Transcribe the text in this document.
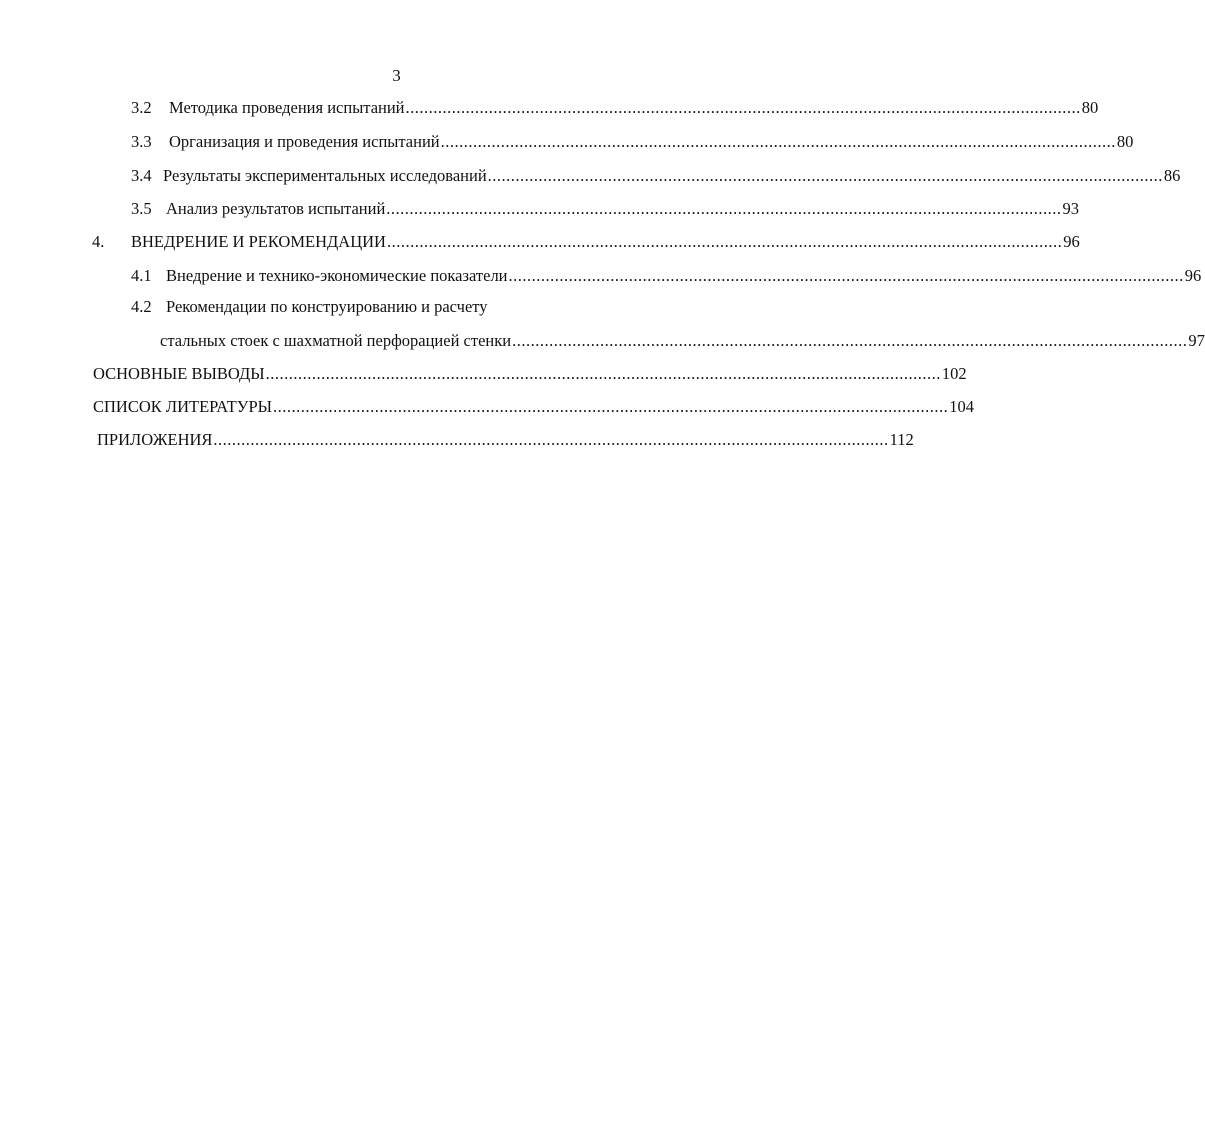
3
3.2 Методика проведения испытаний .................................................................................................................................................. 80
3.3 Организация и проведения испытаний .................................................................................................................................................. 80
3.4 Результаты экспериментальных исследований .................................................................................................................................................. 86
3.5 Анализ результатов испытаний .................................................................................................................................................. 93
4. ВНЕДРЕНИЕ И РЕКОМЕНДАЦИИ .................................................................................................................................................. 96
4.1 Внедрение и технико-экономические показатели .................................................................................................................................................. 96
4.2 Рекомендации по конструированию и расчету
стальных стоек с шахматной перфорацией стенки .................................................................................................................................................. 97
ОСНОВНЫЕ ВЫВОДЫ .................................................................................................................................................. 102
СПИСОК ЛИТЕРАТУРЫ .................................................................................................................................................. 104
ПРИЛОЖЕНИЯ .................................................................................................................................................. 112
